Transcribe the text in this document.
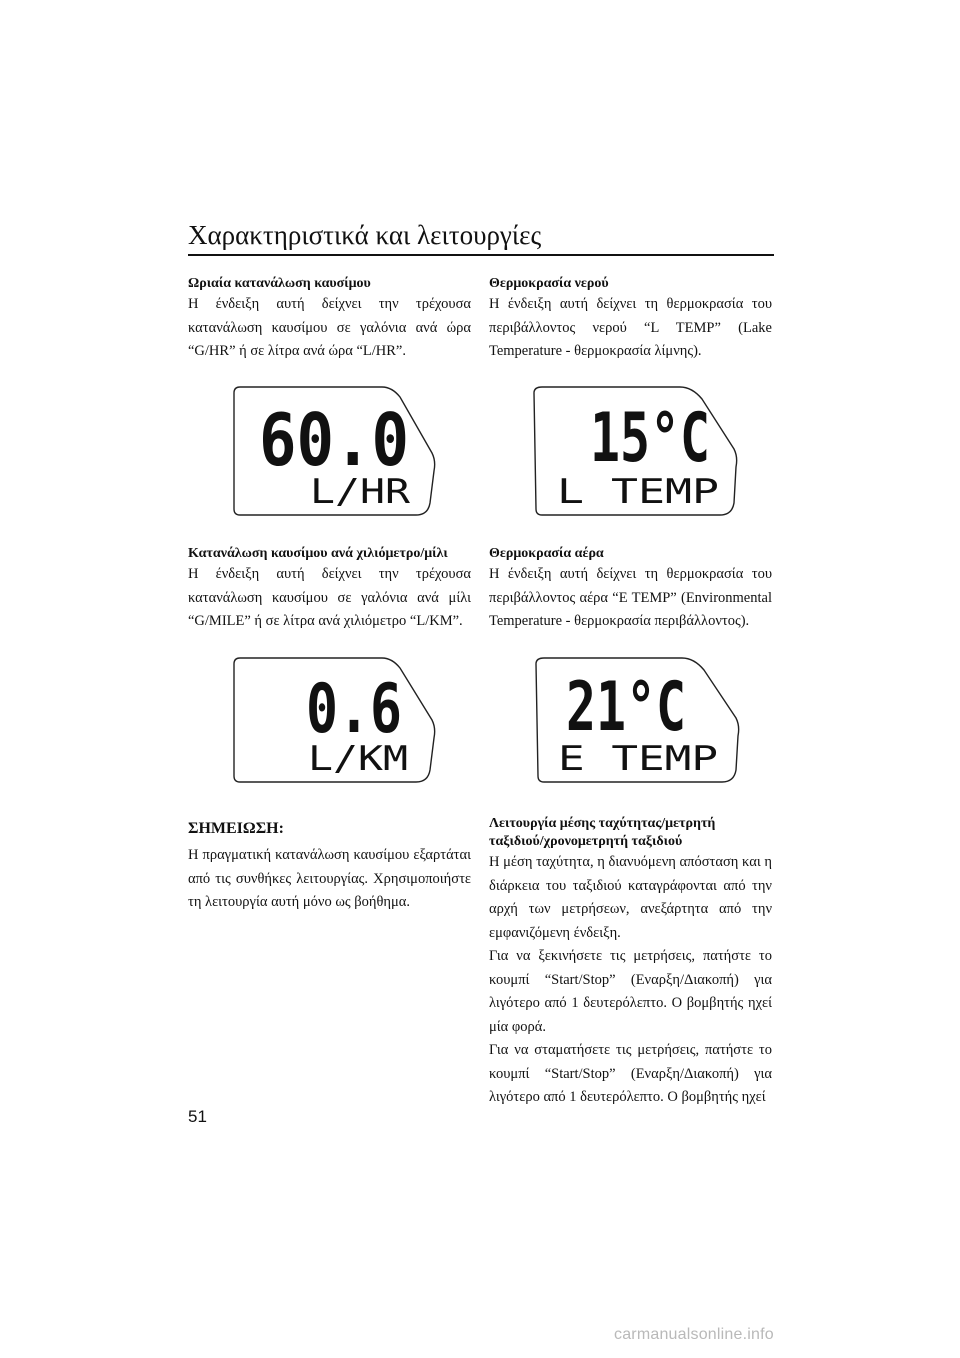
Χαρακτηριστικά και λειτουργίες

Ωριαία κατανάλωση καυσίμου

Η ένδειξη αυτή δείχνει την τρέχουσα κατανάλωση καυσίμου σε γαλόνια ανά ώρα “G/HR” ή σε λίτρα ανά ώρα “L/HR”.

Θερμοκρασία νερού

Η ένδειξη αυτή δείχνει τη θερμοκρασία του περιβάλλοντος νερού “L TEMP” (Lake Temperature - θερμοκρασία λίμνης).

60.0
L/HR
15°C
L TEMP

Κατανάλωση καυσίμου ανά χιλιόμετρο/μίλι

Η ένδειξη αυτή δείχνει την τρέχουσα κατανάλωση καυσίμου σε γαλόνια ανά μίλι “G/MILE” ή σε λίτρα ανά χιλιόμετρο “L/KM”.

Θερμοκρασία αέρα

Η ένδειξη αυτή δείχνει τη θερμοκρασία του περιβάλλοντος αέρα “E TEMP” (Environmental Temperature - θερμοκρασία περιβάλλοντος).

0.6
L/KM
21°C
E TEMP

ΣΗΜΕΙΩΣΗ:

Η πραγματική κατανάλωση καυσίμου εξαρτάται από τις συνθήκες λειτουργίας. Χρησιμοποιήστε τη λειτουργία αυτή μόνο ως βοήθημα.

Λειτουργία μέσης ταχύτητας/μετρητή

ταξιδιού/χρονομετρητή ταξιδιού

Η μέση ταχύτητα, η διανυόμενη απόσταση και η διάρκεια του ταξιδιού καταγράφονται από την αρχή των μετρήσεων, ανεξάρτητα από την εμφανιζόμενη ένδειξη.

Για να ξεκινήσετε τις μετρήσεις, πατήστε το κουμπί “Start/Stop” (Εναρξη/Διακοπή) για λιγότερο από 1 δευτερόλεπτο. Ο βομβητής ηχεί μία φορά.

Για να σταματήσετε τις μετρήσεις, πατήστε το κουμπί “Start/Stop” (Εναρξη/Διακοπή) για λιγότερο από 1 δευτερόλεπτο. Ο βομβητής ηχεί

51
carmanualsonline.info
